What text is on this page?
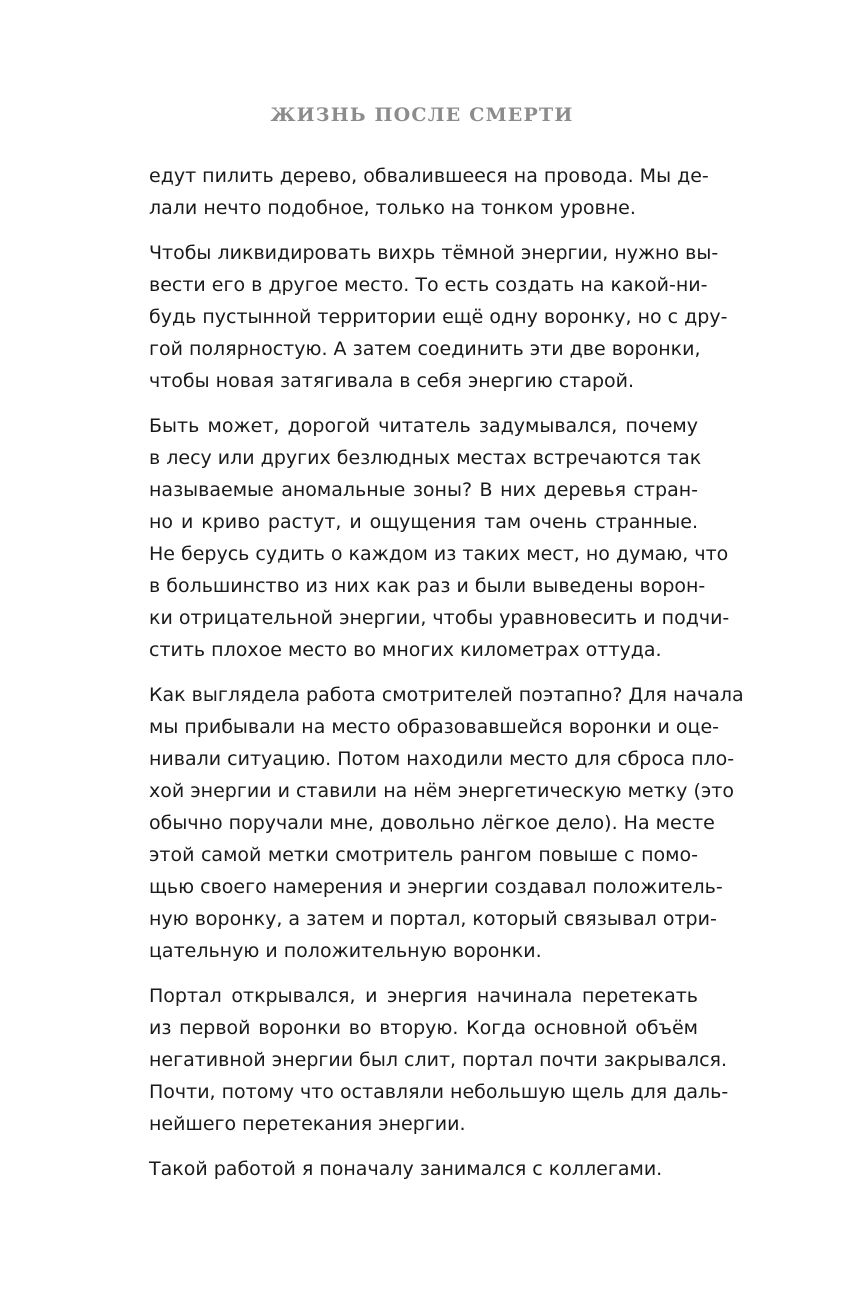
ЖИЗНЬ ПОСЛЕ СМЕРТИ

едут пилить дерево, обвалившееся на провода. Мы де-
лали нечто подобное, только на тонком уровне.

Чтобы ликвидировать вихрь тёмной энергии, нужно вы-
вести его в другое место. То есть создать на какой-ни-
будь пустынной территории ещё одну воронку, но с дру-
гой полярностую. А затем соединить эти две воронки,
чтобы новая затягивала в себя энергию старой.

Быть может, дорогой читатель задумывался, почему
в лесу или других безлюдных местах встречаются так
называемые аномальные зоны? В них деревья стран-
но и криво растут, и ощущения там очень странные.
Не берусь судить о каждом из таких мест, но думаю, что
в большинство из них как раз и были выведены ворон-
ки отрицательной энергии, чтобы уравновесить и подчи-
стить плохое место во многих километрах оттуда.

Как выглядела работа смотрителей поэтапно? Для начала
мы прибывали на место образовавшейся воронки и оце-
нивали ситуацию. Потом находили место для сброса пло-
хой энергии и ставили на нём энергетическую метку (это
обычно поручали мне, довольно лёгкое дело). На месте
этой самой метки смотритель рангом повыше с помо-
щью своего намерения и энергии создавал положитель-
ную воронку, а затем и портал, который связывал отри-
цательную и положительную воронки.

Портал открывался, и энергия начинала перетекать
из первой воронки во вторую. Когда основной объём
негативной энергии был слит, портал почти закрывался.
Почти, потому что оставляли небольшую щель для даль-
нейшего перетекания энергии.

Такой работой я поначалу занимался с коллегами.
